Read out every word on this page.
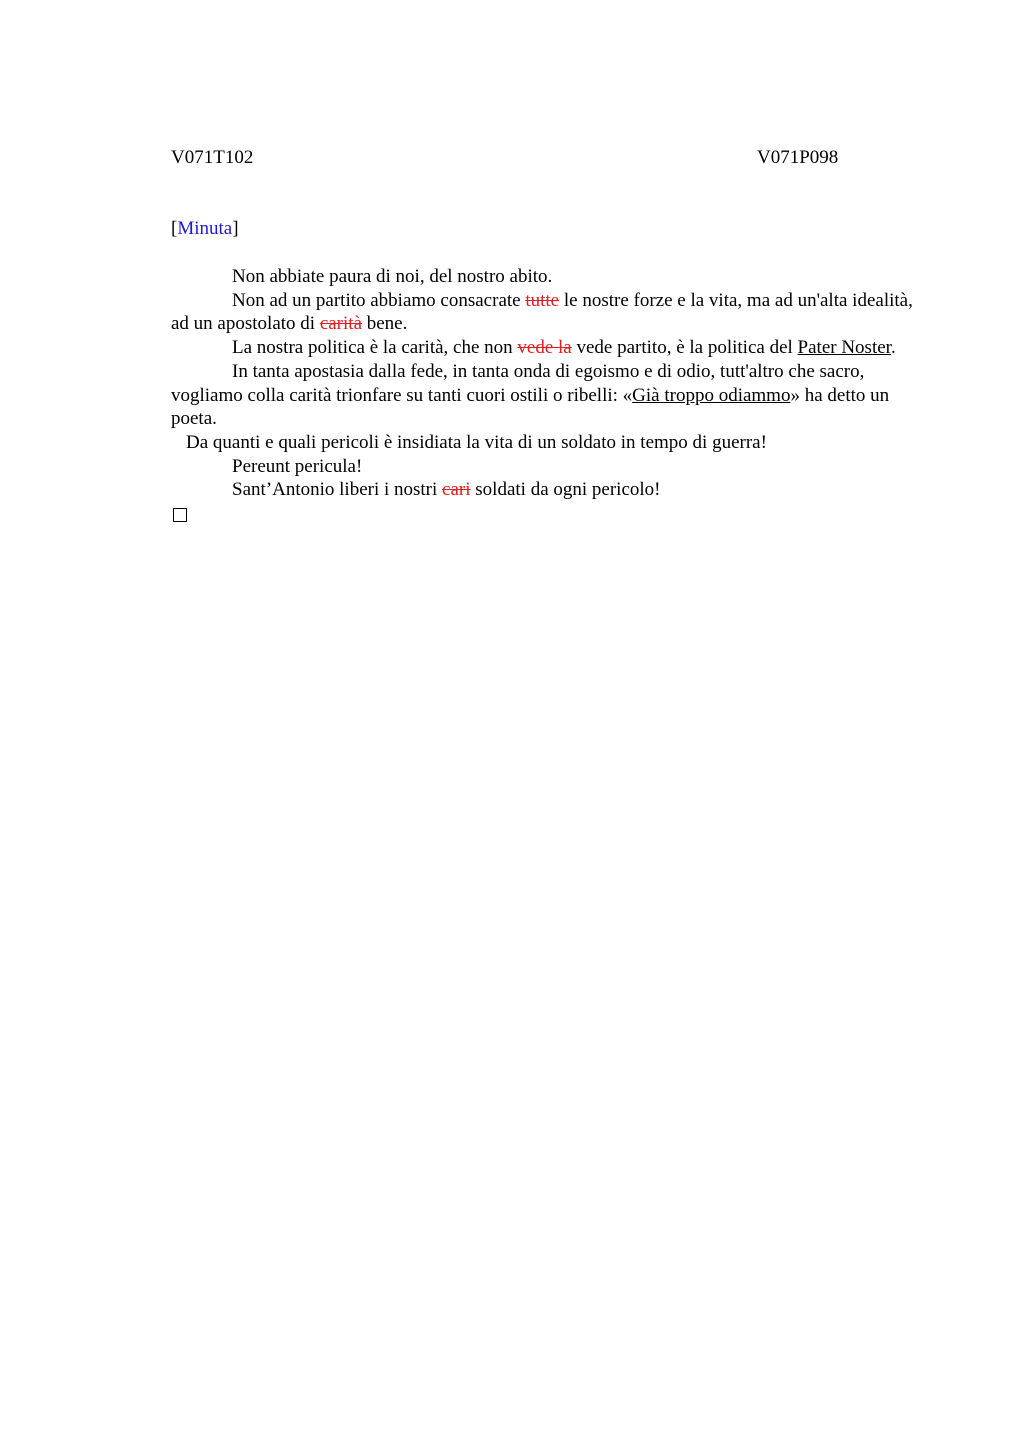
V071T102	V071P098
[Minuta]

Non abbiate paura di noi, del nostro abito.

Non ad un partito abbiamo consacrate tutte le nostre forze e la vita, ma ad un'alta idealità, ad un apostolato di carità bene.

La nostra politica è la carità, che non vede la vede partito, è la politica del Pater Noster.

In tanta apostasia dalla fede, in tanta onda di egoismo e di odio, tutt'altro che sacro, vogliamo colla carità trionfare su tanti cuori ostili o ribelli: «Già troppo odiammo» ha detto un poeta.

Da quanti e quali pericoli è insidiata la vita di un soldato in tempo di guerra!

Pereunt pericula!

Sant’Antonio liberi i nostri cari soldati da ogni pericolo!
